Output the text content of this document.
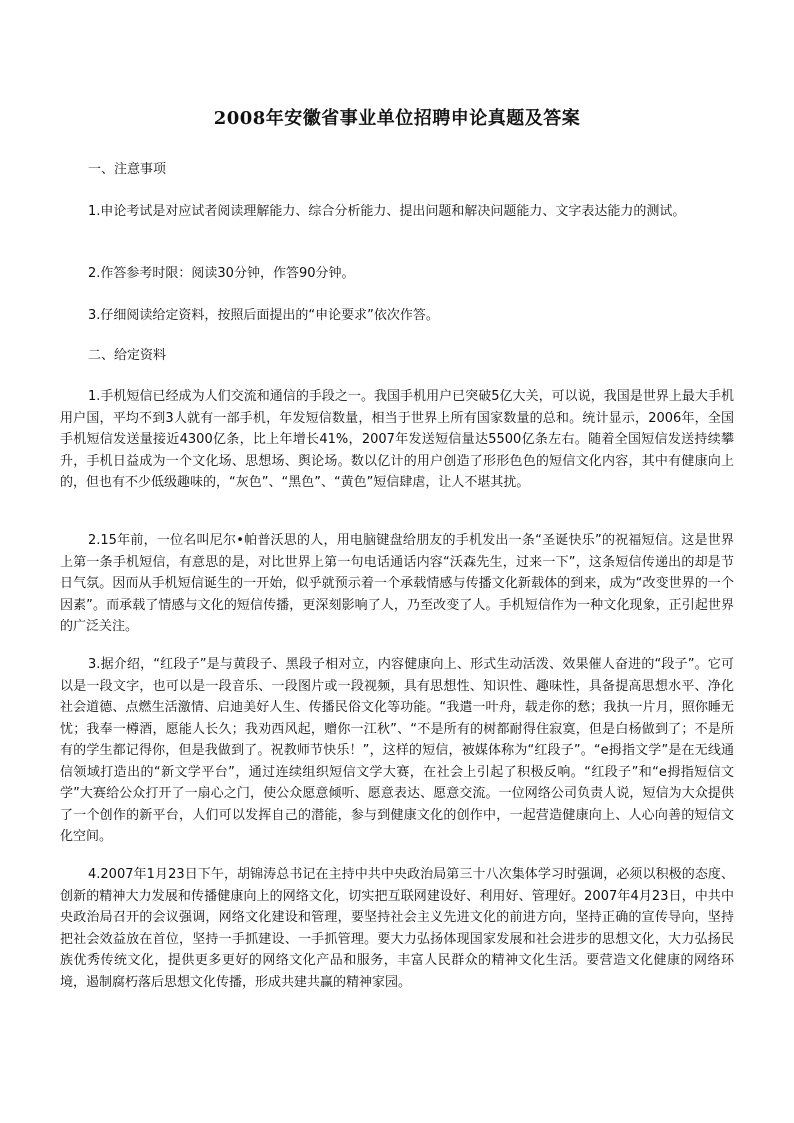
2008年安徽省事业单位招聘申论真题及答案
一、注意事项

1.申论考试是对应试者阅读理解能力、综合分析能力、提出问题和解决问题能力、文字表达能力的测试。

2.作答参考时限：阅读30分钟，作答90分钟。

3.仔细阅读给定资料，按照后面提出的“申论要求”依次作答。

二、给定资料

1.手机短信已经成为人们交流和通信的手段之一。我国手机用户已突破5亿大关，可以说，我国是世界上最大手机用户国，平均不到3人就有一部手机，年发短信数量，相当于世界上所有国家数量的总和。统计显示，2006年，全国手机短信发送量接近4300亿条，比上年增长41%，2007年发送短信量达5500亿条左右。随着全国短信发送持续攀升，手机日益成为一个文化场、思想场、舆论场。数以亿计的用户创造了形形色色的短信文化内容，其中有健康向上的，但也有不少低级趣味的，“灰色”、“黑色”、“黄色”短信肆虐，让人不堪其扰。

2.15年前，一位名叫尼尔•帕普沃思的人，用电脑键盘给朋友的手机发出一条“圣诞快乐”的祝福短信。这是世界上第一条手机短信，有意思的是，对比世界上第一句电话通话内容“沃森先生，过来一下”，这条短信传递出的却是节日气氛。因而从手机短信诞生的一开始，似乎就预示着一个承载情感与传播文化新载体的到来，成为“改变世界的一个因素”。而承载了情感与文化的短信传播，更深刻影响了人，乃至改变了人。手机短信作为一种文化现象，正引起世界的广泛关注。

3.据介绍，“红段子”是与黄段子、黑段子相对立，内容健康向上、形式生动活泼、效果催人奋进的“段子”。它可以是一段文字，也可以是一段音乐、一段图片或一段视频，具有思想性、知识性、趣味性，具备提高思想水平、净化社会道德、点燃生活激情、启迪美好人生、传播民俗文化等功能。“我遣一叶舟，载走你的愁；我执一片月，照你睡无忧；我奉一樽酒，愿能人长久；我劝西风起，赠你一江秋”、“不是所有的树都耐得住寂寞，但是白杨做到了；不是所有的学生都记得你，但是我做到了。祝教师节快乐！”，这样的短信，被媒体称为“红段子”。“e拇指文学”是在无线通信领域打造出的“新文学平台”，通过连续组织短信文学大赛，在社会上引起了积极反响。“红段子”和“e拇指短信文学”大赛给公众打开了一扇心之门，使公众愿意倾听、愿意表达、愿意交流。一位网络公司负责人说，短信为大众提供了一个创作的新平台，人们可以发挥自己的潜能，参与到健康文化的创作中，一起营造健康向上、人心向善的短信文化空间。

4.2007年1月23日下午，胡锦涛总书记在主持中共中央政治局第三十八次集体学习时强调，必须以积极的态度、创新的精神大力发展和传播健康向上的网络文化，切实把互联网建设好、利用好、管理好。2007年4月23日，中共中央政治局召开的会议强调，网络文化建设和管理，要坚持社会主义先进文化的前进方向，坚持正确的宣传导向，坚持把社会效益放在首位，坚持一手抓建设、一手抓管理。要大力弘扬体现国家发展和社会进步的思想文化，大力弘扬民族优秀传统文化，提供更多更好的网络文化产品和服务，丰富人民群众的精神文化生活。要营造文化健康的网络环境，遏制腐朽落后思想文化传播，形成共建共赢的精神家园。
